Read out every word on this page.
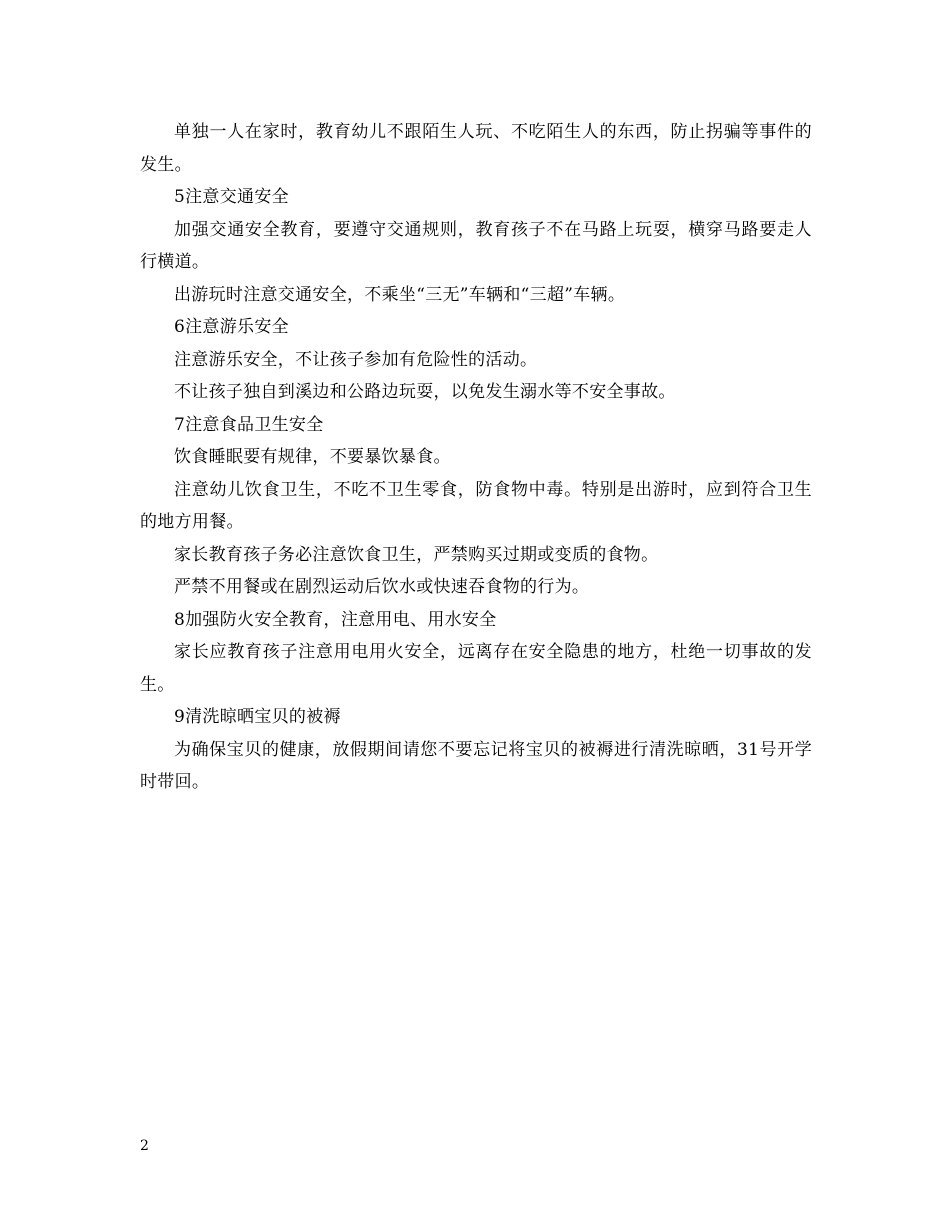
单独一人在家时，教育幼儿不跟陌生人玩、不吃陌生人的东西，防止拐骗等事件的发生。

5注意交通安全

加强交通安全教育，要遵守交通规则，教育孩子不在马路上玩耍，横穿马路要走人行横道。

出游玩时注意交通安全，不乘坐“三无”车辆和“三超”车辆。

6注意游乐安全

注意游乐安全，不让孩子参加有危险性的活动。

不让孩子独自到溪边和公路边玩耍，以免发生溺水等不安全事故。

7注意食品卫生安全

饮食睡眠要有规律，不要暴饮暴食。

注意幼儿饮食卫生，不吃不卫生零食，防食物中毒。特别是出游时，应到符合卫生的地方用餐。

家长教育孩子务必注意饮食卫生，严禁购买过期或变质的食物。

严禁不用餐或在剧烈运动后饮水或快速吞食物的行为。

8加强防火安全教育，注意用电、用水安全

家长应教育孩子注意用电用火安全，远离存在安全隐患的地方，杜绝一切事故的发生。

9清洗晾晒宝贝的被褥

为确保宝贝的健康，放假期间请您不要忘记将宝贝的被褥进行清洗晾晒，31号开学时带回。

2
